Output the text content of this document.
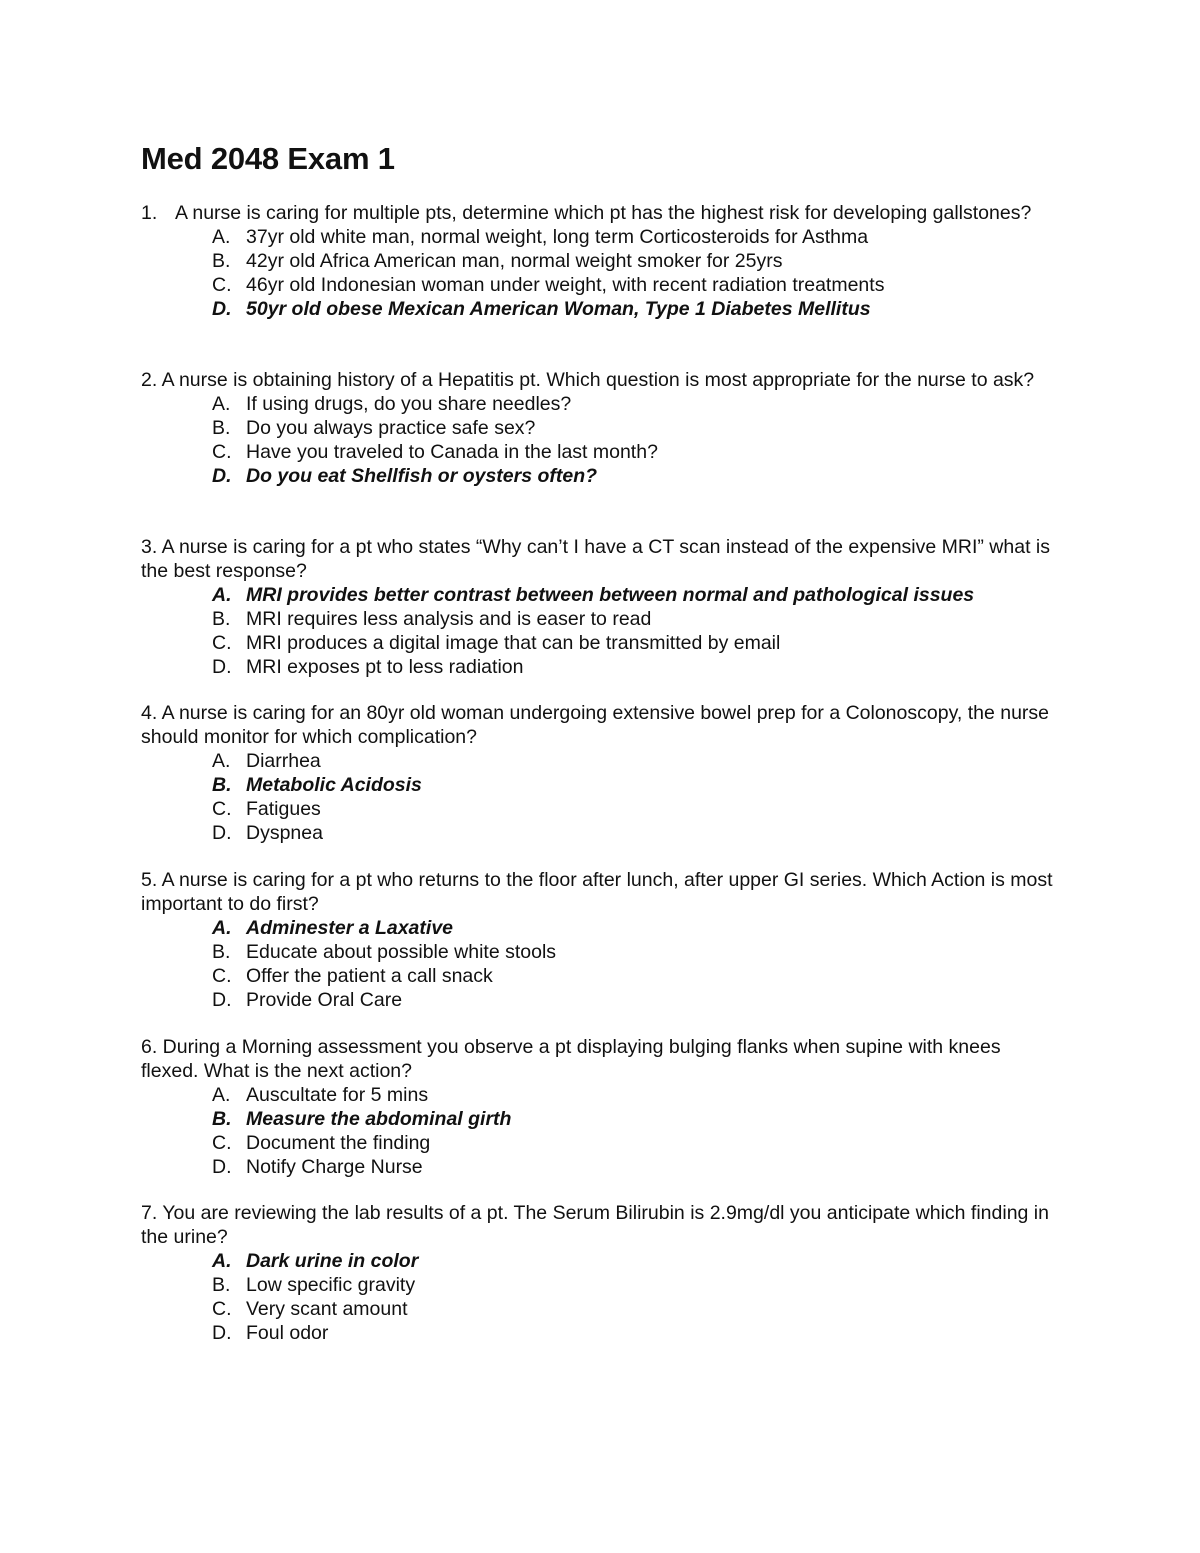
Med 2048 Exam 1

1. A nurse is caring for multiple pts, determine which pt has the highest risk for developing gallstones?

A. 37yr old white man, normal weight, long term Corticosteroids for Asthma
B. 42yr old Africa American man, normal weight smoker for 25yrs
C. 46yr old Indonesian woman under weight, with recent radiation treatments
D. 50yr old obese Mexican American Woman, Type 1 Diabetes Mellitus

2. A nurse is obtaining history of a Hepatitis pt. Which question is most appropriate for the nurse to ask?

A. If using drugs, do you share needles?
B. Do you always practice safe sex?
C. Have you traveled to Canada in the last month?
D. Do you eat Shellfish or oysters often?

3. A nurse is caring for a pt who states “Why can’t I have a CT scan instead of the expensive MRI” what is the best response?

A. MRI provides better contrast between between normal and pathological issues
B. MRI requires less analysis and is easer to read
C. MRI produces a digital image that can be transmitted by email
D. MRI exposes pt to less radiation

4. A nurse is caring for an 80yr old woman undergoing extensive bowel prep for a Colonoscopy, the nurse should monitor for which complication?

A. Diarrhea
B. Metabolic Acidosis
C. Fatigues
D. Dyspnea

5. A nurse is caring for a pt who returns to the floor after lunch, after upper GI series. Which Action is most important to do first?

A. Adminester a Laxative
B. Educate about possible white stools
C. Offer the patient a call snack
D. Provide Oral Care

6. During a Morning assessment you observe a pt displaying bulging flanks when supine with knees flexed. What is the next action?

A. Auscultate for 5 mins
B. Measure the abdominal girth
C. Document the finding
D. Notify Charge Nurse

7. You are reviewing the lab results of a pt. The Serum Bilirubin is 2.9mg/dl you anticipate which finding in the urine?

A. Dark urine in color
B. Low specific gravity
C. Very scant amount
D. Foul odor
